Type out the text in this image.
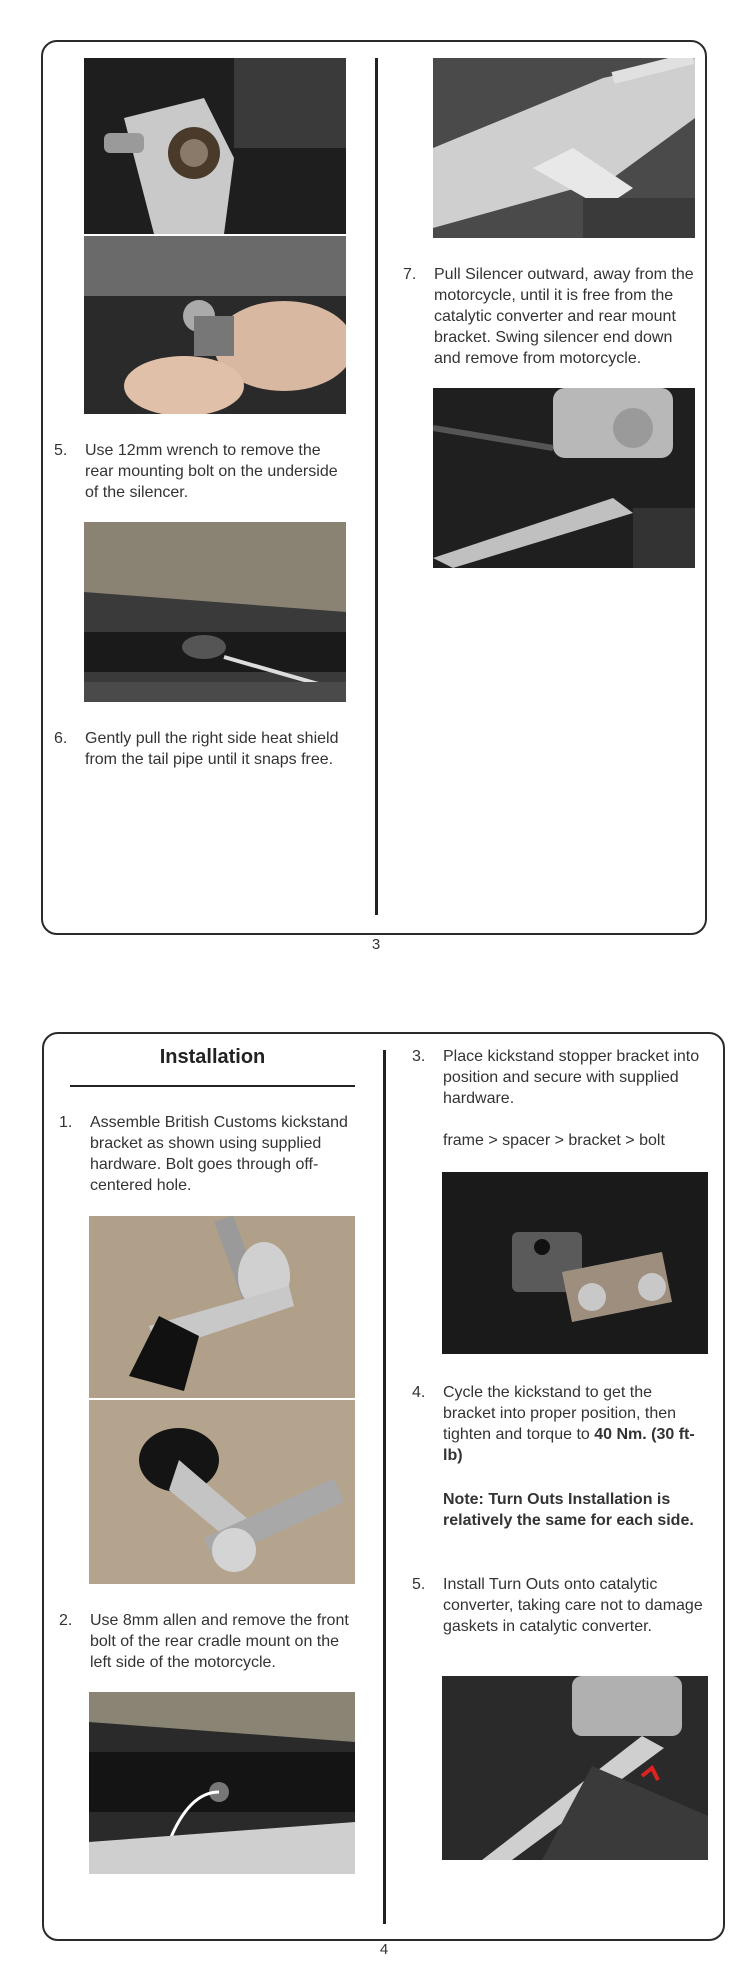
5. Use 12mm wrench to remove the rear mounting bolt on the underside of the silencer.
6. Gently pull the right side heat shield from the tail pipe until it snaps free.
7. Pull Silencer outward, away from the motorcycle, until it is free from the catalytic converter and rear mount bracket. Swing silencer end down and remove from motorcycle.
3
Installation
1. Assemble British Customs kickstand bracket as shown using supplied hardware. Bolt goes through off-centered hole.
2. Use 8mm allen and remove the front bolt of the rear cradle mount on the left side of the motorcycle.
3. Place kickstand stopper bracket into position and secure with supplied hardware.
frame > spacer > bracket > bolt
4. Cycle the kickstand to get the bracket into proper position, then tighten and torque to 40 Nm. (30 ft-lb)
Note: Turn Outs Installation is relatively the same for each side.
5. Install Turn Outs onto catalytic converter, taking care not to damage gaskets in catalytic converter.
4
